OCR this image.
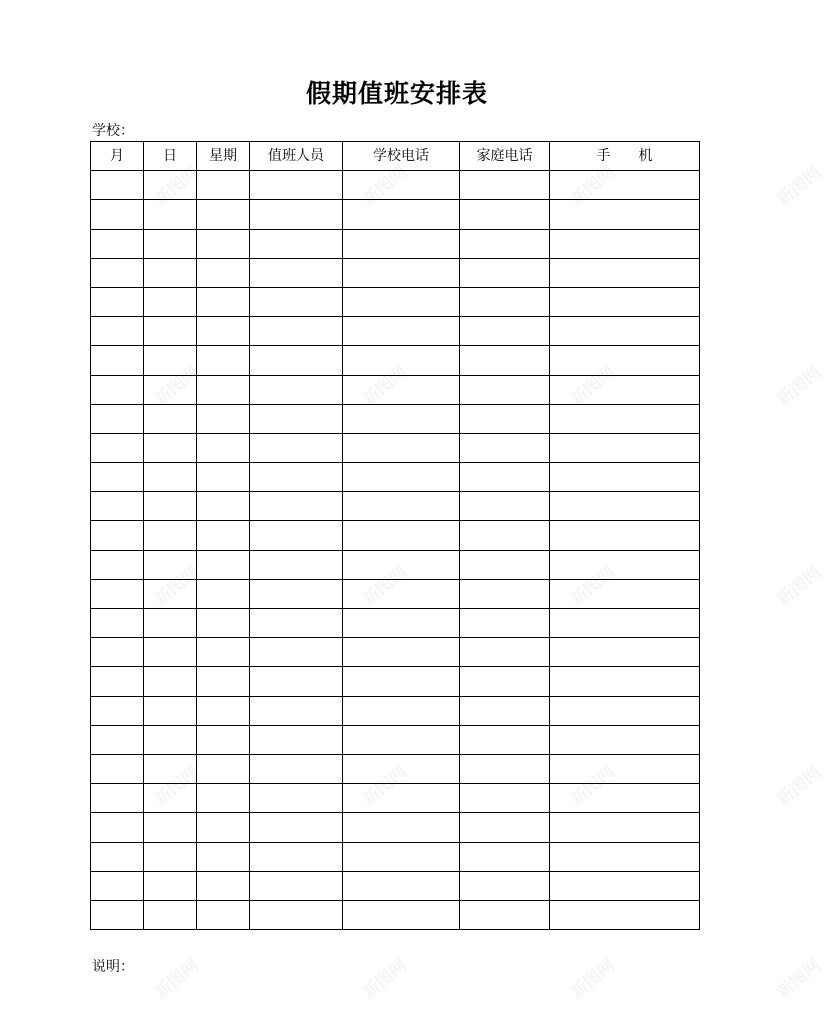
假期值班安排表
学校：
月	日	星期	值班人员	学校电话	家庭电话	手　　机

说明：
新图网	新图网	新图网	新图网
新图网	新图网	新图网	新图网
新图网	新图网	新图网	新图网
新图网	新图网	新图网	新图网
新图网	新图网	新图网	新图网
